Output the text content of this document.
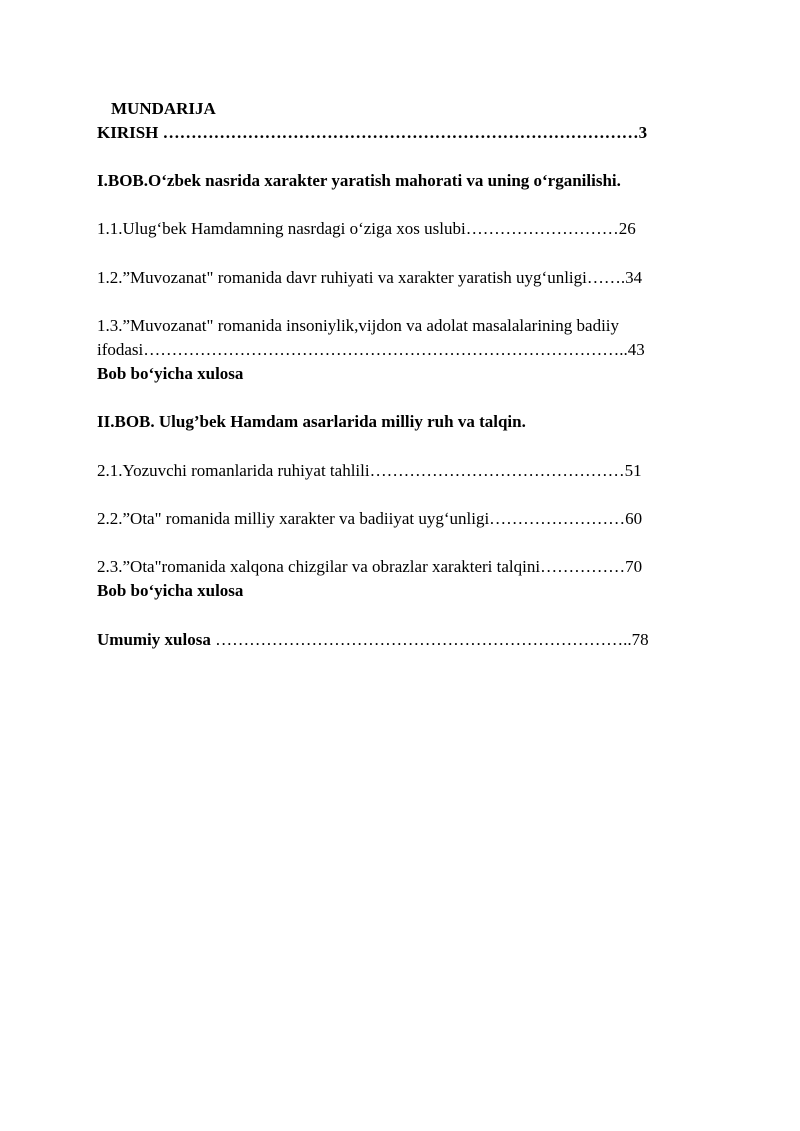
MUNDARIJA
KIRISH …………………………………………………………………………3
I.BOB.O‘zbek nasrida xarakter yaratish mahorati va uning o‘rganilishi.
1.1.Ulug‘bek Hamdamning nasrdagi o‘ziga xos uslubi………………………26
1.2.”Muvozanat" romanida davr ruhiyati va xarakter yaratish uyg‘unligi…….34
1.3.”Muvozanat" romanida insoniylik,vijdon va adolat masalalarining badiiy
ifodasi…………………………………………………………………………..43
Bob bo‘yicha xulosa
II.BOB. Ulug’bek Hamdam asarlarida milliy ruh va talqin.
2.1.Yozuvchi romanlarida ruhiyat tahlili………………………………………51
2.2.”Ota" romanida milliy xarakter va badiiyat uyg‘unligi……………………60
2.3.”Ota"romanida xalqona chizgilar va obrazlar xarakteri talqini……………70
Bob bo‘yicha xulosa
Umumiy xulosa ………………………………………………………………..78
